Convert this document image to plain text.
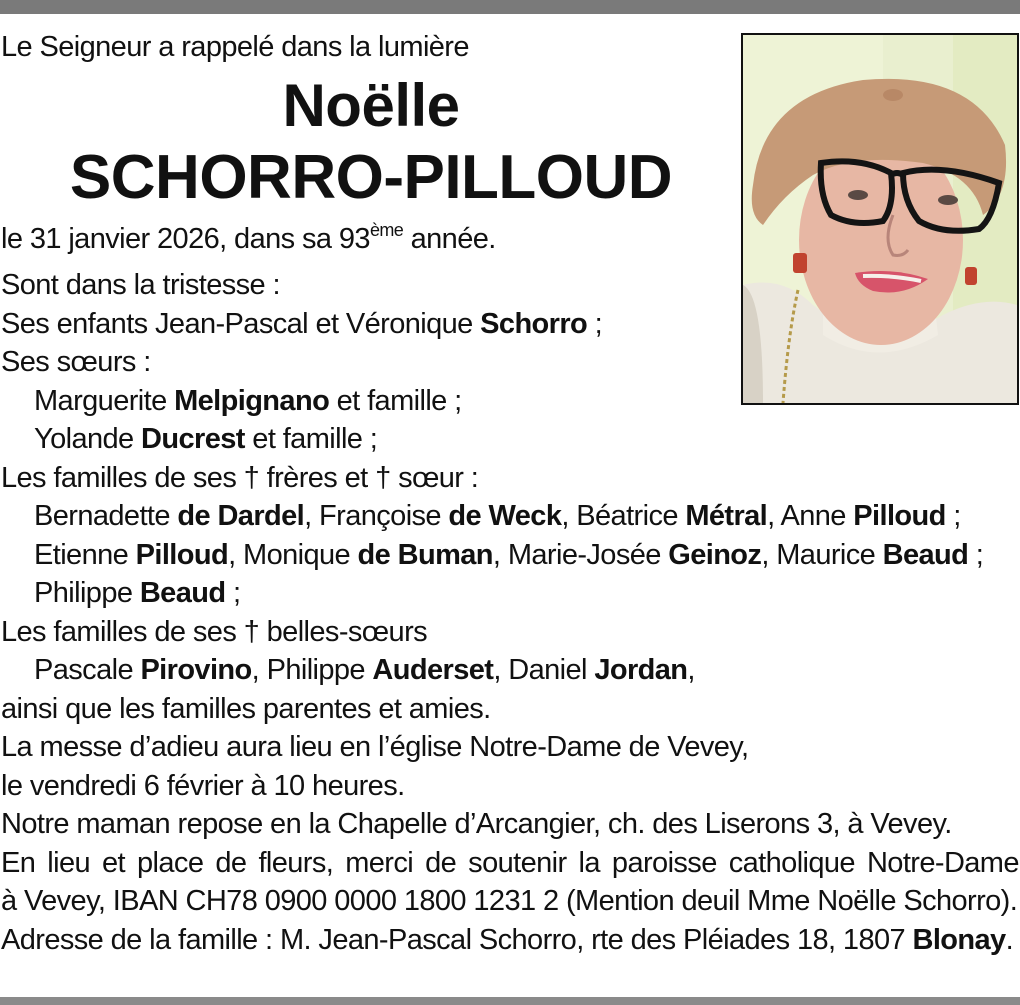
Le Seigneur a rappelé dans la lumière
Noëlle
SCHORRO-PILLOUD
le 31 janvier 2026, dans sa 93ème année.
Sont dans la tristesse :
Ses enfants Jean-Pascal et Véronique Schorro ;
Ses sœurs :
Marguerite Melpignano et famille ;
Yolande Ducrest et famille ;
Les familles de ses † frères et † sœur :
Bernadette de Dardel, Françoise de Weck, Béatrice Métral, Anne Pilloud ;
Etienne Pilloud, Monique de Buman, Marie-Josée Geinoz, Maurice Beaud ;
Philippe Beaud ;
Les familles de ses † belles-sœurs
Pascale Pirovino, Philippe Auderset, Daniel Jordan,
ainsi que les familles parentes et amies.
La messe d’adieu aura lieu en l’église Notre-Dame de Vevey,
le vendredi 6 février à 10 heures.
Notre maman repose en la Chapelle d’Arcangier, ch. des Liserons 3, à Vevey.
En lieu et place de fleurs, merci de soutenir la paroisse catholique Notre-Dame
à Vevey, IBAN CH78 0900 0000 1800 1231 2 (Mention deuil Mme Noëlle Schorro).
Adresse de la famille : M. Jean-Pascal Schorro, rte des Pléiades 18, 1807 Blonay.
